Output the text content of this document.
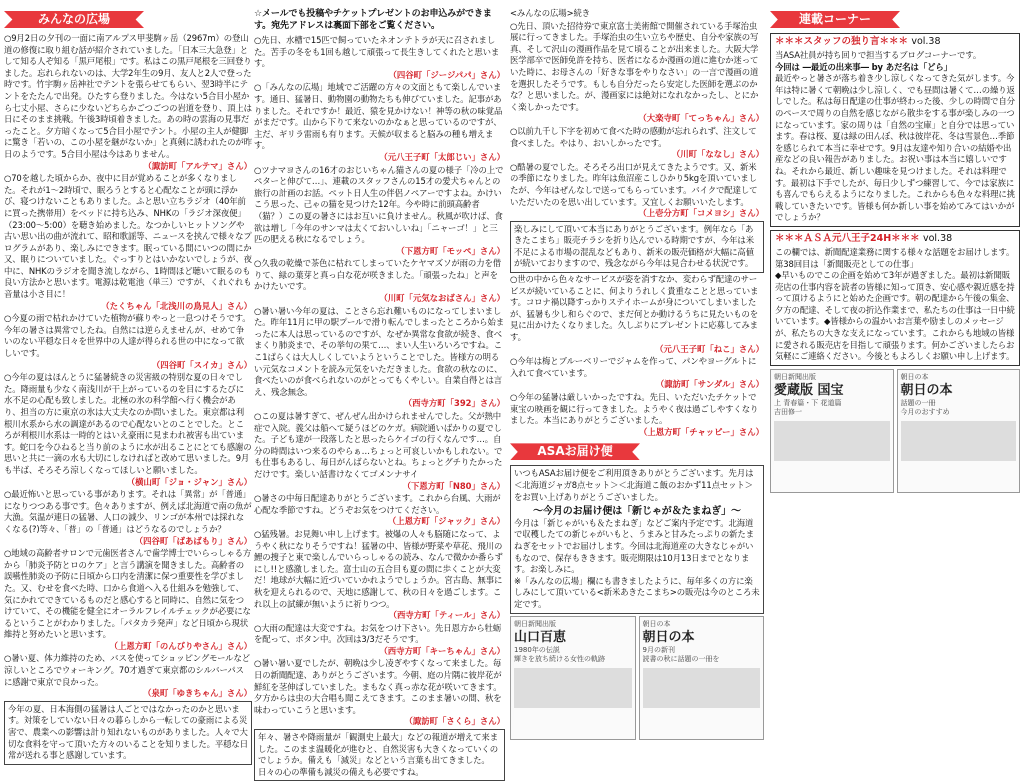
みんなの広場
○9月2日の夕刊の一面に南アルプス甲斐駒ヶ岳（2967m）の登山道の修復に取り組む話が紹介されていました。「日本三大急登」として知る人ぞ知る「黒戸尾根」です。私はこの黒戸尾根を三回登りました。忘れられないのは、大学2年生の9月、友人と2人で登った時です。竹宇駒ヶ岳神社でテントを張らせてもらい、翌3時半にテントをたたんで出発。ひたすら登りました。今はない5合目小屋から七丈小屋、さらに少ないどちらかごつごつの岩道を登り、頂上は日にそのまま挑戦。午後3時頃着きました。あの時の雲海の見事だったこと。夕方暗くなって5合目小屋でテント。小屋の主人が健脚に驚き「若いの、この小屋を継がないか」と真剣に誘われたのが昨日のようです。5合目小屋は今はありません。
（諏訪町「アルテマ」さん）
○70を越した頃からか、夜中に目が覚めることが多くなりました。それが1～2時頃で、眠ろうとすると心配なことが頭に浮かび、寝つけないこともありました。ふと思い立ちラジオ（40年前に買った携帯用）をベッドに持ち込み、NHKの「ラジオ深夜便」（23:00～5:00）を聴き始めました。なつかしいヒットソングや古い思い出の曲が流れて、昭和歌謡等、ニュースを挟んで様々なプログラムがあり、楽しみにできます。眠っている間にいつの間にか又、眠りについていました。ぐっすりとはいかないでしょうが、夜中に、NHKのラジオを聞き流しながら、1時間ほど聴いて眠るのも良い方法かと思います。電源は乾電池（単三）ですが、くれぐれも音量は小さ目に！
（たくちゃん「北浅川の鳥見人」さん）
○今夏の雨で枯れかけていた植物が蘇りやっと一息つけそうです。今年の暑さは異常でしたね。自然には逆らえませんが、せめて争いのない平穏な日々を世界中の人達が得られる世の中になって欲しいです。
（四谷町「スイカ」さん）
○今年の夏はほんとうに猛暑続きの災害級の特別な夏の日々でした。降雨量も少なく南浅川が干上がっているのを目にするたびに水不足の心配も致しました。北極の氷の科学館へ行く機会があり、担当の方に東京の氷は大丈夫なのか問いました。東京都は利根川水系から水の調達があるので心配ないとのことでした。ところが利根川水系は一時的とはいえ豪雨に見まわれ被害も出ています。蛇口を今ひねると当り前のように水が出ることにとても感謝の思いと共に一滴の水も大切にしなければと改めて思いました。9月も半ば、そろそろ涼しくなってほしいと願いました。
（横山町「ジョ・ジャン」さん）
○最近怖いと思っている事があります。それは「異常」が「普通」になりつつある事です。色々ありますが、例えば北海道で南の魚が大漁。気温が連日の猛暑、人口の減少、リンゴが本州では採れなくなる(?)等々、「普」の「普通」はどうなるのでしょうか？
（四谷町「ばあばもり」さん）
○地域の高齢者サロンで元歯医者さんで歯学博士でいらっしゃる方から「肺炎予防とロのケア」と言う講演を聞きました。高齢者の誤嚥性肺炎の予防に日頃から口内を清潔に保つ重要性を学びました。又、むせを食べた時、口から食道へ入る仕組みを勉強して、気にかれてできているものだと感心すると同時に、自然に気をつけていて、その機能を健全にオーラルフレイルチェックが必要になるということがわかりました。「パタカラ発声」など日頃から現状維持と努めたいと思います。
（上恩方町「のんびりやさん」さん）
○暑い夏、体力維持のため、バスを使ってショッピングモールなど涼しいところでウォーキング。70才過ぎて東京都のシルバーパスに感謝で東京で良かった。
（泉町「ゆきちゃん」さん）
今年の夏、日本海側の猛暑は人ごとではなかったのかと思います。対策をしていない日々の暮らしから一転しての豪雨による災害で、農業への影響は計り知れないものがありました。人々で大切な食料を守って頂いた方々のいることを知りました。平穏な日常が送れる事と感謝しています。
☆メールでも投稿やチケットプレゼントのお申込みができます。宛先アドレスは裏面下部をご覧ください。
○先日、水槽で15匹で飼っていたネオンテトラが天に召されました。苦手の冬をも1回も越して頑張って長生きしてくれたと思います。
（四谷町「ジージパパ」さん）
○「みんなの広場」地域でご活躍の方々の文面ともて楽しんでいます。通日、猛暑日、動物園の動物たちも伸びていました。記事がありました。それですか！最近、猿を見かけない！神等の秋の味覚品がまだです。山から下りて来ないのかなぁと思っているのですが、主だ、ギリラ雷雨も有ります。天候が収まると脳みの種も増えます。
（元八王子町「太郎じい」さん）
○ツナマヨさんの16才のおじいちゃん猫さんの夏の様子「冷の上でペターと伸びて…」、連載のスタッフさんの15才の愛犬ちゃんとの旅行の計画のお話。ペット日人生の伴侶ノペアーですよね。かけいこう思った、己ゃの猫を見つけた12年。今や時に前頭高齢者（猫？）この夏の暑さにはお互いに負けません。秋風が吹けば、食欲は増し「今年のサンマは太くておいしいね」「ニャーゴ！」と三匹の肥える秋になるでしょう。
（下恩方町「モッペ」さん）
○久我の乾燥で茶色に枯れてしまっていたケヤマズソが雨の力を借りて、緑の葉芽と真っ白な花が咲きました。「頑張ったね」と声をかけたいです。
（川町「元気なおばさん」さん）
○暑い暑い今年の夏は、ことさら忘れ難いものになってしまいました。昨年11月に甲の駅プールで滑り転んでしまったところから始まったに本人は思っているのですが、なぜか異常な食欲が続き、食べまくり肺炎まで、その挙句の果て…、まい人生いろいろですね。ここ1ぱらくは大人しくしていようということでした。皆様方の明るい元気なコメントを読み元気をいただきました。食欲の秋なのに、食べたいのが食べられないのがとってもくやしい。自業自得とは言え、残念無念。
（西寺方町「392」さん）
○この夏は暑すぎて、ぜんぜん出かけられませんでした。父が熱中症で入院。義父は船へて疑うほどのケガ。病院通いばかりの夏でした。子ども達が一段落したと思ったらケイゴの行くなんです…。自分の時間はいつ来るのやらぁ…ちょっと可哀しいかもしれない。でも仕事もあるし、毎日がんばらないとね。ちょっとグチりたかっただけです。楽しい話書けなくてゴメンナサイ
（下恩方町「N80」さん）
○暑さの中毎日配達ありがとうございます。これから台風、大雨が心配な季節ですね。どうぞお気をつけてください。
（上恩方町「ジャック」さん）
○猛残暑。お見舞い申し上げます。被爆の人々も脳随になって、ようやく秋になりそうですね！猛暑の中、皆様が野菜や草花、飛川の鯉の捜子と東で楽しんでいらっしゃるの読み、なんで微かか番らずにし!!と感激しました。富士山の五合目も夏の間に歩くことが大変だ！地球が大幅に近づいていかれようでしょうか。宮古島、無事に秋を迎えられるので、天地に感謝して、秋の日々を過ごします。これ以上の試練が無いように祈りつつ。
（西寺方町「ティール」さん）
○大雨の配達は大変ですね。お気をつけ下さい。先日恩方から牡蛎を配って、ボタン中。次回は3/3だそうです。
（西寺方町「キーちゃん」さん）
○暑い暑い夏でしたが、朝晩は少し凌ぎやすくなって来ました。毎日の新聞配達、ありがとうございます。今朝、庭の片隅に彼岸花が鮮紅を茎伸ばしていました。まもなく真っ赤な花が咲いてきます。夕方からは虫の大合唱も聞こえてきます。このまま暑いの間、秋を味わっていこうと思います。
（諏訪町「さくら」さん）
年々、暑さや降雨量が「観測史上最大」などの報道が増えて来ました。このまま温暖化が進むと、自然災害も大きくなっていくのでしょうか。備えも「減災」などという言葉も出てきました。日々の心の準備も減災の備えも必要ですね。
<みんなの広場>続き
○先日、頂いた招待券で東京富士美術館で開催されている手塚治虫展に行ってきました。手塚治虫の生い立ちや歴史、自分や家族の写真、そして沢山の漫画作品を見て頃ることが出来ました。大阪大学医学部卒で医師免許を持ち、医者になるか漫画の道に進むか迷っていた時に、お母さんの「好きな事をやりなさい」の一言で漫画の道を選択したそうです。もしも自分だったら安定した医師を選ぶのかな？と思いました。が、漫画家には絶対になれなかったし、とにかく楽しかったです。
（大楽寺町「てっちゃん」さん）
○以前九千し下字を初めて食べた時の感動が忘れられず、注文して食べました。やはり、おいしかったです。
（川町「ななし」さん）
○酷暑の夏でした。そろそろ出口が見えてきたようです。又、新米の季節になりました。昨年は魚沼産こしひかり5kgを頂いていましたが、今年はぜんなしで送ってもらっています。バイクで配達していただいたのを思い出しています。又宜しくお願いいたします。
（上壱分方町「コメヨシ」さん）
楽しみにして頂いて本当にありがとうございます。例年なら「あきたこまち」販売チラシを折り込んでいる時期ですが、今年は米不足による市場の混乱などもあり、新米の販売価格が大幅に高値が続いておりますので、残念ながら今年は見合わせる状況です。
○世の中から色々なサービスが姿を消すなか、変わらず配達のサービスが続いていることに、何よりうれしく貴重なことと思っています。コロナ禍以降すっかりステイホームが身についてしまいましたが、猛暑も少し和らぐので、まだ何とか動けるうちに見たいものを見に出かけたくなりました。久しぶりにプレゼントに応募してみます。
（元八王子町「ねこ」さん）
○今年は梅とブルーベリーでジャムを作って、パンやヨーグルトに入れて食べています。
（諏訪町「サンダル」さん）
○今年の猛暑は厳しいかったですね。先日、いただいたチケットで東宝の映画を観に行ってきました。ようやく夜は過ごしやすくなりました。本当にありがとうございました。
（上恩方町「チャッピー」さん）
ASAお届け便
いつもASAお届け便をご利用頂きありがとうございます。先月は＜北海道ジャガ8点セット＞＜北海道こ飯のおかず11点セット＞をお買い上げありがとうございました。
〜今月のお届け便は「新じゃが＆たまねぎ」〜
今月は「新じゃがいも＆たまねぎ」などご案内予定です。北海道で収穫したての新じゃがいもと、うまみと甘みたっぷりの新たまねぎをセットでお届けします。今回は北海道産の大きなじゃがいもなので、保存もききます。販売期限は10月13日までとなります。お楽しみに。
※「みんなの広場」欄にも書きましたように、毎年多くの方に楽しみにして頂いている<新米あきたこまち>の販売は今のところ未定です。
朝日新聞出版
山口百恵
1980年の伝説
輝きを放ち続ける女性の軌跡
朝日の本
朝日の本
9月の新刊
読書の秋に話題の一冊を
連載コーナー
＊＊＊スタッフの独り言＊＊＊ vol.38
当ASA社員が持ち回りで担当するブログコーナーです。
今回は ―最近の出来事― by あだ名は「どら」
最近やっと暑さが落ち着き少し涼しくなってきた気がします。今年は特に暑くて朝晩は少し涼しく、でも昼間は暑くて…の繰り返しでした。私は毎日配達の仕事が終わった後、少しの時間で自分のペースで周りの自然を感じながら散歩をする事が楽しみの一つになっています。家の周りは「自然の宝庫」と自分では思っています。春は桜、夏は緑の田んぼ、秋は彼岸花、冬は雪景色…季節を感じられて本当に幸せです。9月は友達や知り合いの結婚や出産などの良い報告がありました。お祝い事は本当に嬉しいですね。それから最近、新しい趣味を見つけました。それは料理です。最初は下手でしたが、毎日少しずつ練習して、今では家族にも喜んでもらえるようになりました。これからも色々な料理に挑戦していきたいです。皆様も何か新しい事を始めてみてはいかがでしょうか？
＊＊＊ＡＳＡ元八王子24H＊＊＊ vol.38
この欄では、新聞配達業務に関する様々な話題をお届けします。第38回目は「新聞販売としての仕事」
◆早いものでこの企画を始めて3年が過ぎました。最初は新聞販売店の仕事内容を読者の皆様に知って頂き、安心感や親近感を持って頂けるようにと始めた企画です。朝の配達から午後の集金、夕方の配達、そして夜の折込作業まで、私たちの仕事は一日中続いています。◆皆様からの温かいお言葉や励ましのメッセージが、私たちの大きな支えになっています。これからも地域の皆様に愛される販売店を目指して頑張ります。何かございましたらお気軽にご連絡ください。今後ともよろしくお願い申し上げます。
朝日新聞出版
愛蔵版 国宝
上 青春篇・下 花道篇
吉田修一
朝日の本
朝日の本
話題の一冊
今月のおすすめ
